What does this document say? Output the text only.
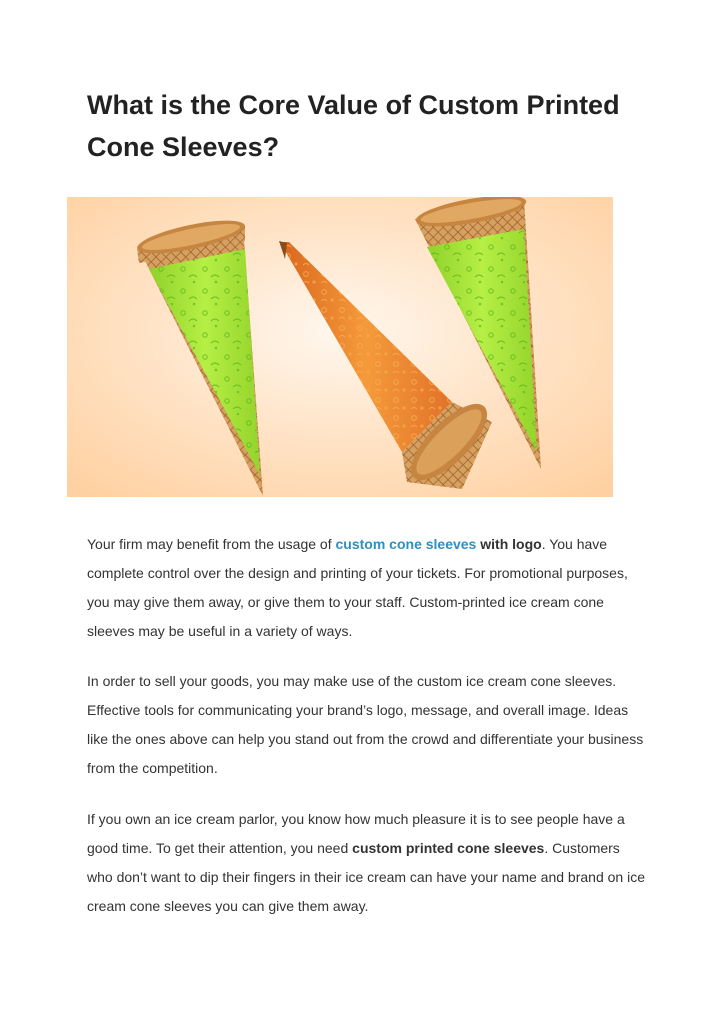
What is the Core Value of Custom Printed Cone Sleeves?

Your firm may benefit from the usage of custom cone sleeves with logo. You have complete control over the design and printing of your tickets. For promotional purposes, you may give them away, or give them to your staff. Custom-printed ice cream cone sleeves may be useful in a variety of ways.

In order to sell your goods, you may make use of the custom ice cream cone sleeves. Effective tools for communicating your brand’s logo, message, and overall image. Ideas like the ones above can help you stand out from the crowd and differentiate your business from the competition.

If you own an ice cream parlor, you know how much pleasure it is to see people have a good time. To get their attention, you need custom printed cone sleeves. Customers who don’t want to dip their fingers in their ice cream can have your name and brand on ice cream cone sleeves you can give them away.
